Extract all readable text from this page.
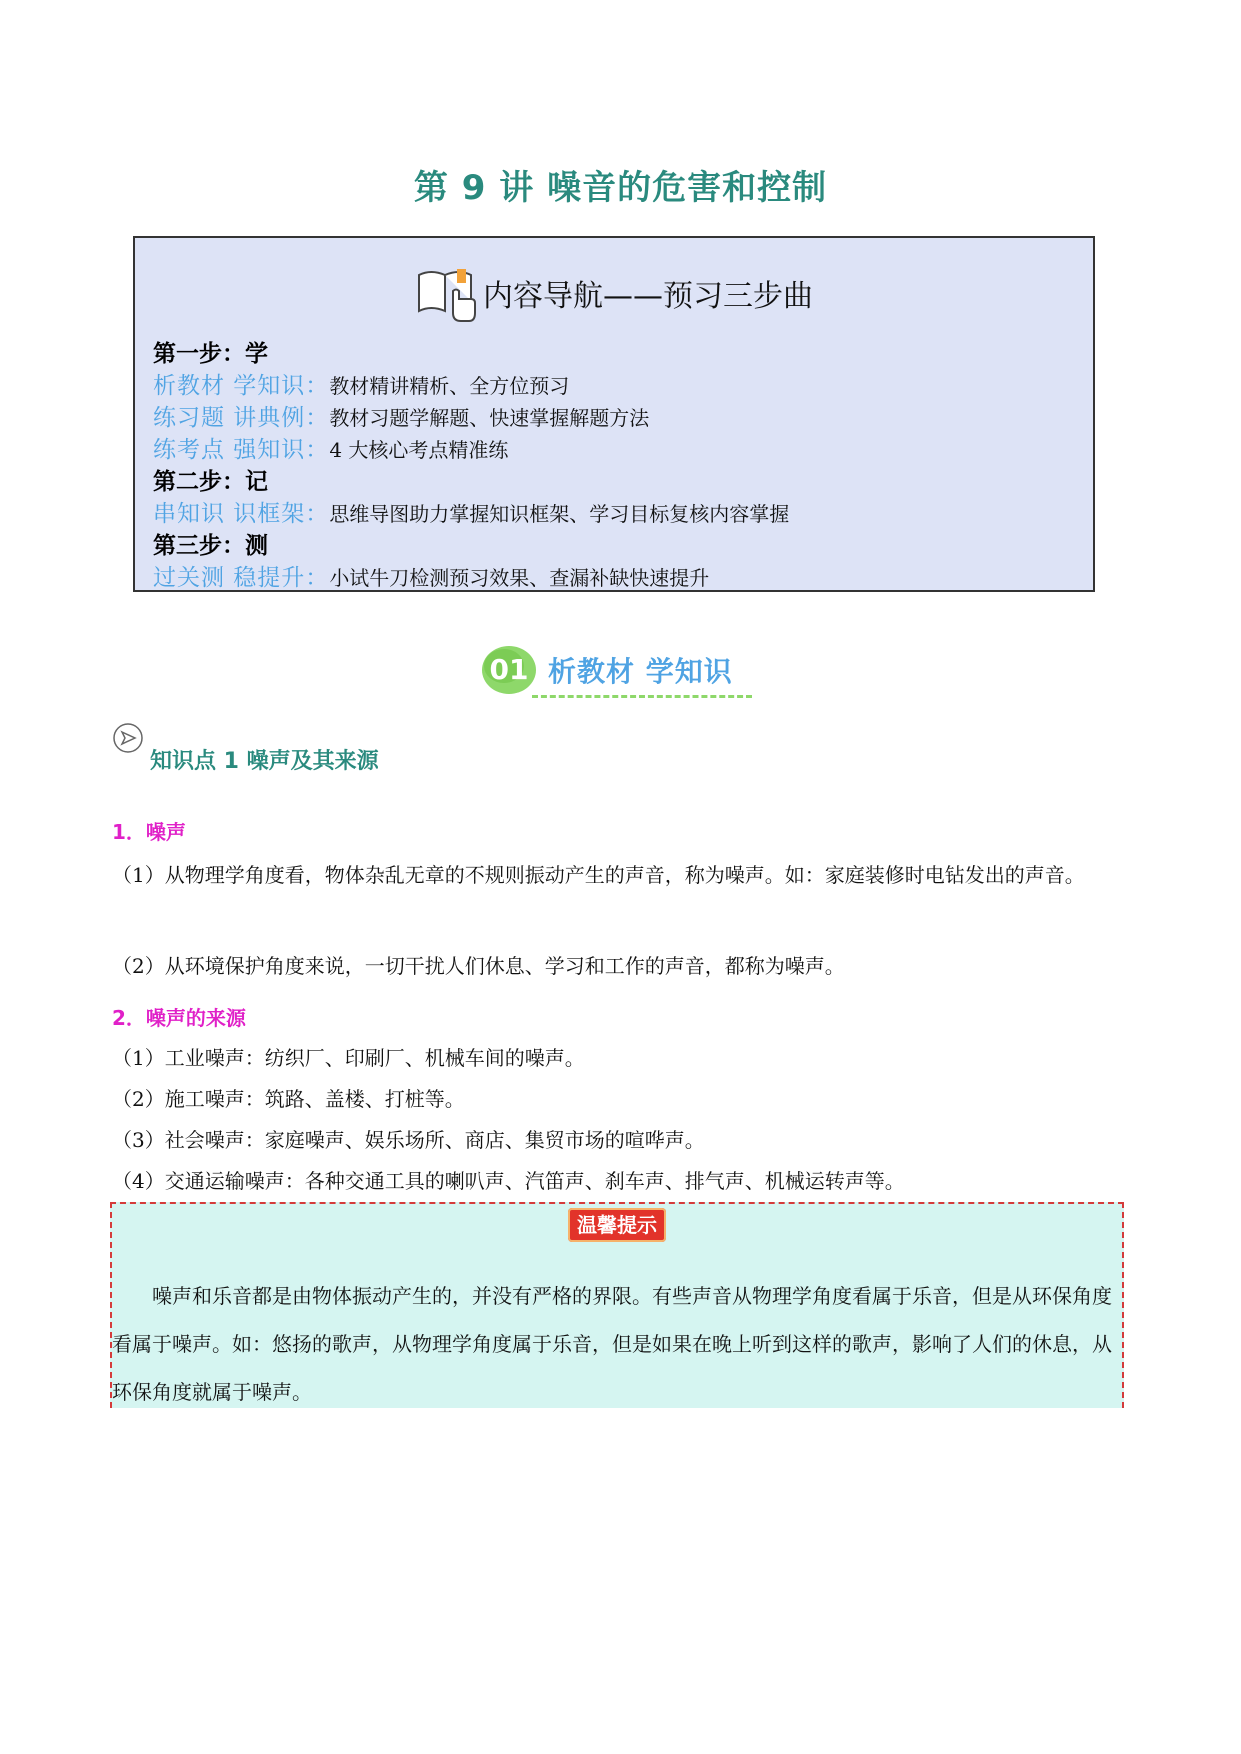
第 9 讲 噪音的危害和控制
内容导航——预习三步曲
第一步：学
析教材 学知识：教材精讲精析、全方位预习
练习题 讲典例：教材习题学解题、快速掌握解题方法
练考点 强知识：4 大核心考点精准练
第二步：记
串知识 识框架：思维导图助力掌握知识框架、学习目标复核内容掌握
第三步：测
过关测 稳提升：小试牛刀检测预习效果、查漏补缺快速提升
01 析教材 学知识
知识点 1 噪声及其来源
1．噪声
（1）从物理学角度看，物体杂乱无章的不规则振动产生的声音，称为噪声。如：家庭装修时电钻发出的声音。
（2）从环境保护角度来说，一切干扰人们休息、学习和工作的声音，都称为噪声。
2．噪声的来源
（1）工业噪声：纺织厂、印刷厂、机械车间的噪声。
（2）施工噪声：筑路、盖楼、打桩等。
（3）社会噪声：家庭噪声、娱乐场所、商店、集贸市场的喧哗声。
（4）交通运输噪声：各种交通工具的喇叭声、汽笛声、刹车声、排气声、机械运转声等。
温馨提示
噪声和乐音都是由物体振动产生的，并没有严格的界限。有些声音从物理学角度看属于乐音，但是从环保角度看属于噪声。如：悠扬的歌声，从物理学角度属于乐音，但是如果在晚上听到这样的歌声，影响了人们的休息，从环保角度就属于噪声。
